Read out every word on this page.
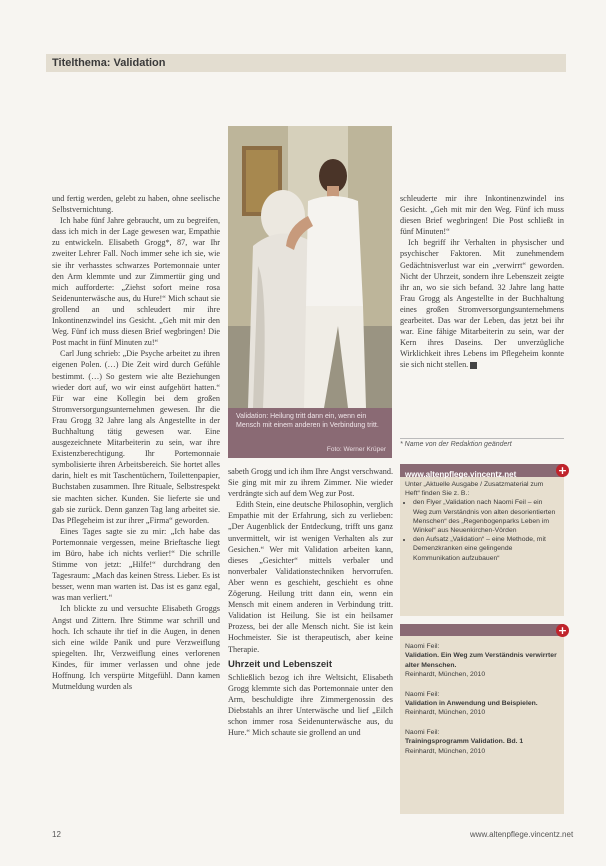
Titelthema: Validation

und fertig werden, gelebt zu haben, ohne seelische Selbstvernichtung.

Ich habe fünf Jahre gebraucht, um zu begreifen, dass ich mich in der Lage gewesen war, Empathie zu entwickeln. Elisabeth Grogg*, 87, war Ihr zweiter Lehrer Fall. Noch immer sehe ich sie, wie sie ihr verhasstes schwarzes Portemonnaie unter den Arm klemmte und zur Zimmertür ging und mich aufforderte: „Ziehst sofort meine rosa Seidenunterwäsche aus, du Hure!“ Mich schaut sie grollend an und schleudert mir ihre Inkontinenzwindel ins Gesicht. „Geh mit mir den Weg. Fünf ich muss diesen Brief wegbringen! Die Post macht in fünf Minuten zu!“

Carl Jung schrieb: „Die Psyche arbeitet zu ihren eigenen Polen. (…) Die Zeit wird durch Gefühle bestimmt. (…) So gestern wie alte Beziehungen wieder dort auf, wo wir einst aufgehört hatten.“ Für war eine Kollegin bei dem großen Stromversorgungsunternehmen gewesen. Ihr die Frau Grogg 32 Jahre lang als Angestellte in der Buchhaltung tätig gewesen war. Eine ausgezeichnete Mitarbeiterin zu sein, war ihre Existenzberechtigung. Ihr Portemonnaie symbolisierte ihren Arbeitsbereich. Sie hortet alles darin, hielt es mit Taschentüchern, Toilettenpapier, Buchstaben zusammen. Ihre Rituale, Selbstrespekt sie machten sicher. Kunden. Sie lieferte sie und gab sie zurück. Denn ganzen Tag lang arbeitet sie. Das Pflegeheim ist zur ihrer „Firma“ geworden.

Eines Tages sagte sie zu mir: „Ich habe das Portemonnaie vergessen, meine Brieftasche liegt im Büro, habe ich nichts verlier!“ Die schrille Stimme von jetzt: „Hilfe!“ durchdrang den Tagesraum: „Mach das keinen Stress. Lieber. Es ist besser, wenn man warten ist. Das ist es ganz egal, was man verliert.“

Ich blickte zu und versuchte Elisabeth Groggs Angst und Zittern. Ihre Stimme war schrill und hoch. Ich schaute ihr tief in die Augen, in denen sich eine wilde Panik und pure Verzweiflung spiegelten. Ihr, Verzweiflung eines verlorenen Kindes, für immer verlassen und ohne jede Hoffnung. Ich verspürte Mitgefühl. Dann kamen Mutmeldung wurden als

Validation: Heilung tritt dann ein, wenn ein Mensch mit einem anderen in Verbindung tritt.
Foto: Werner Krüper

sabeth Grogg und ich ihm Ihre Angst verschwand. Sie ging mit mir zu ihrem Zimmer. Nie wieder verdrängte sich auf dem Weg zur Post.

Edith Stein, eine deutsche Philosophin, verglich Empathie mit der Erfahrung, sich zu verlieben: „Der Augenblick der Entdeckung, trifft uns ganz unvermittelt, wir ist wenigen Verhalten als zur Gesichen.“ Wer mit Validation arbeiten kann, dieses „Gesichter“ mittels verbaler und nonverbaler Validationstechniken hervorrufen. Aber wenn es geschieht, geschieht es ohne Zögerung. Heilung tritt dann ein, wenn ein Mensch mit einem anderen in Verbindung tritt. Validation ist Heilung. Sie ist ein heilsamer Prozess, bei der alle Mensch nicht. Sie ist kein Hochmeister. Sie ist therapeutisch, aber keine Therapie.

Uhrzeit und Lebenszeit

Schließlich bezog ich ihre Weltsicht, Elisabeth Grogg klemmte sich das Portemonnaie unter den Arm, beschuldigte ihre Zimmergenossin des Diebstahls an ihrer Unterwäsche und lief „Eilch schon immer rosa Seidenunterwäsche aus, du Hure.“ Mich schaute sie grollend an und

schleuderte mir ihre Inkontinenzwindel ins Gesicht. „Geh mit mir den Weg. Fünf ich muss diesen Brief wegbringen! Die Post schließt in fünf Minuten!“

Ich begriff ihr Verhalten in physischer und psychischer Faktoren. Mit zunehmendem Gedächtnisverlust war ein „verwirrt“ geworden. Nicht der Uhrzeit, sondern ihre Lebenszeit zeigte ihr an, wo sie sich befand. 32 Jahre lang hatte Frau Grogg als Angestellte in der Buchhaltung eines großen Stromversorgungsunternehmens gearbeitet. Das war der Leben, das jetzt bei ihr war. Eine fähige Mitarbeiterin zu sein, war der Kern ihres Daseins. Der unverzügliche Wirklichkeit ihres Lebens im Pflegeheim konnte sie sich nicht stellen.

* Name von der Redaktion geändert
www.altenpflege.vincentz.net	+
Unter „Aktuelle Ausgabe / Zusatzmaterial zum Heft“ finden Sie z. B.:
• den Flyer „Validation nach Naomi Feil – ein Weg zum Verständnis von alten desorientierten Menschen“ des „Regenbogenparks Leben im Winkel“ aus Neuenkirchen-Vörden
• den Aufsatz „Validation“ – eine Methode, mit Demenzkranken eine gelingende Kommunikation aufzubauen“
+
Naomi Feil:
Validation. Ein Weg zum Verständnis verwirrter alter Menschen.
Reinhardt, München, 2010
Naomi Feil:
Validation in Anwendung und Beispielen.
Reinhardt, München, 2010
Naomi Feil:
Trainingsprogramm Validation. Bd. 1
Reinhardt, München, 2010
12	www.altenpflege.vincentz.net
